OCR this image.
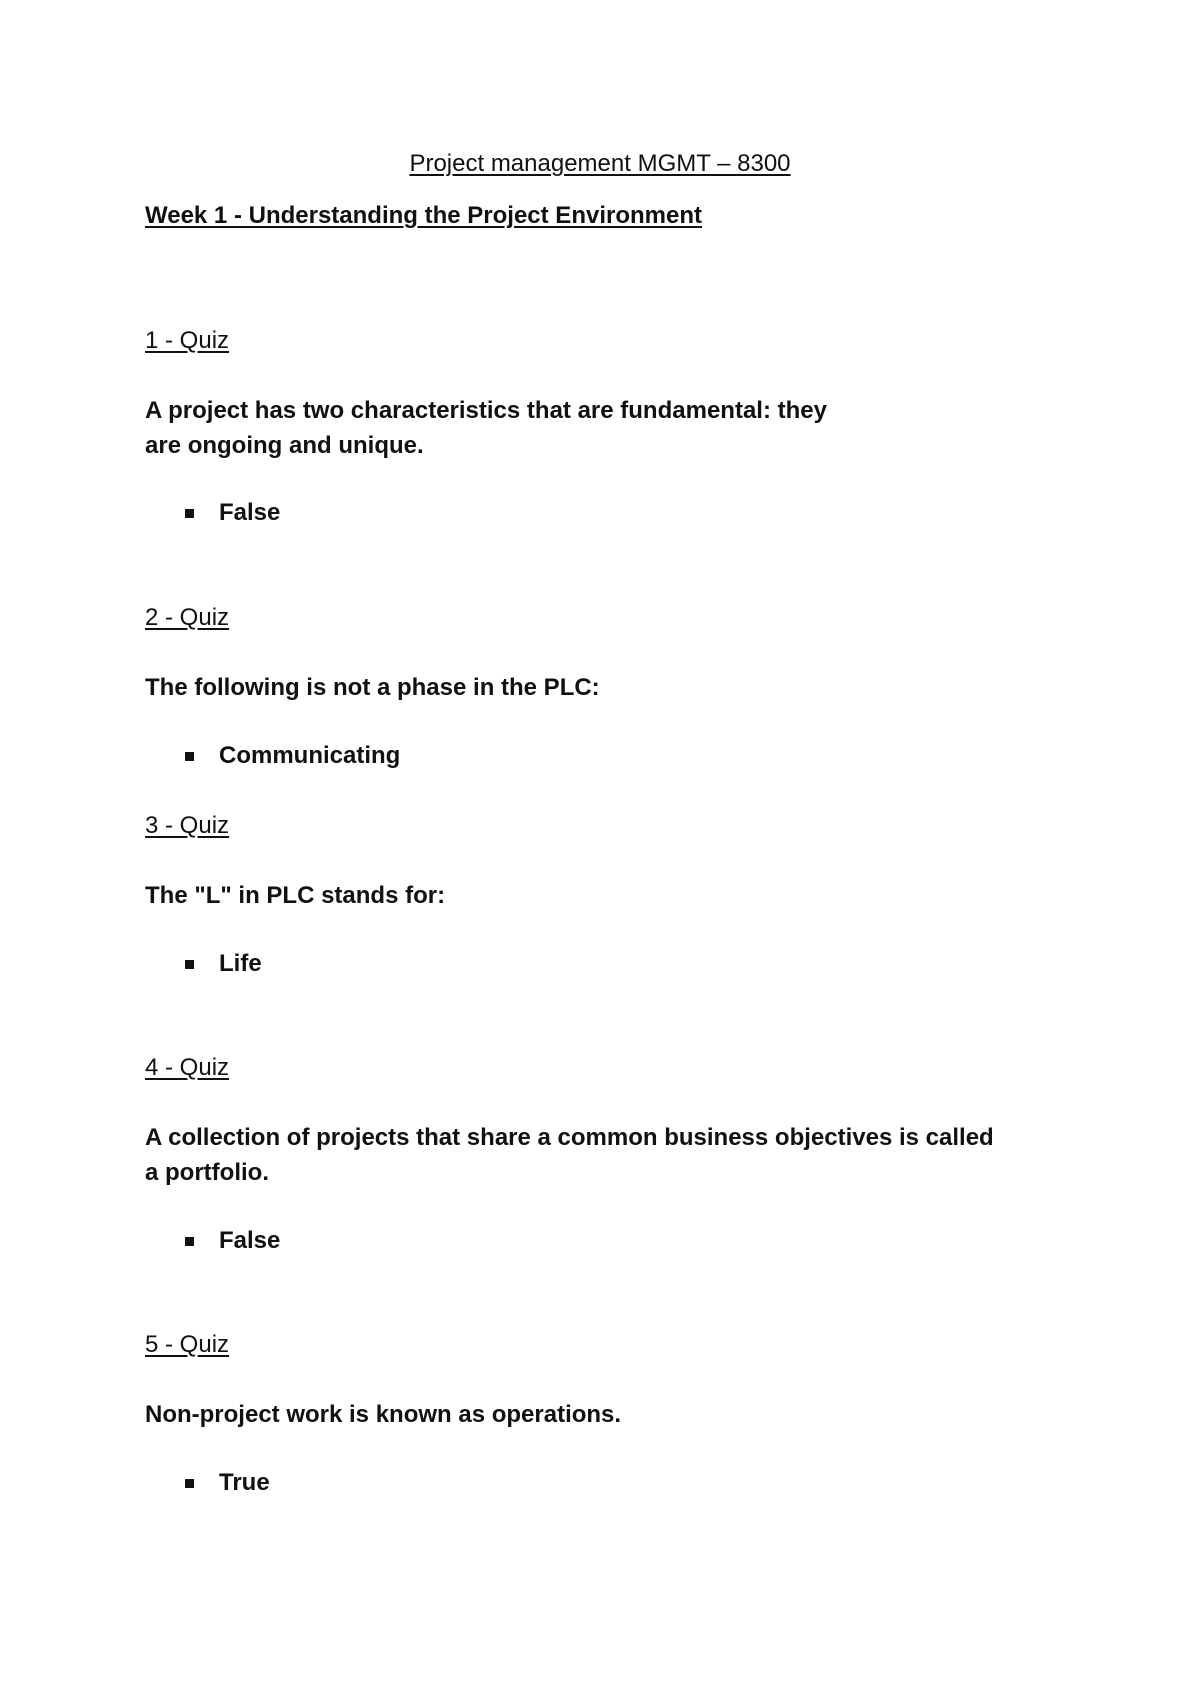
Project management MGMT – 8300
Week 1 - Understanding the Project Environment
1 - Quiz
A project has two characteristics that are fundamental: they
are ongoing and unique.
False
2 - Quiz
The following is not a phase in the PLC:
Communicating
3 - Quiz
The "L" in PLC stands for:
Life
4 - Quiz
A collection of projects that share a common business objectives is called
a portfolio.
False
5 - Quiz
Non-project work is known as operations.
True
